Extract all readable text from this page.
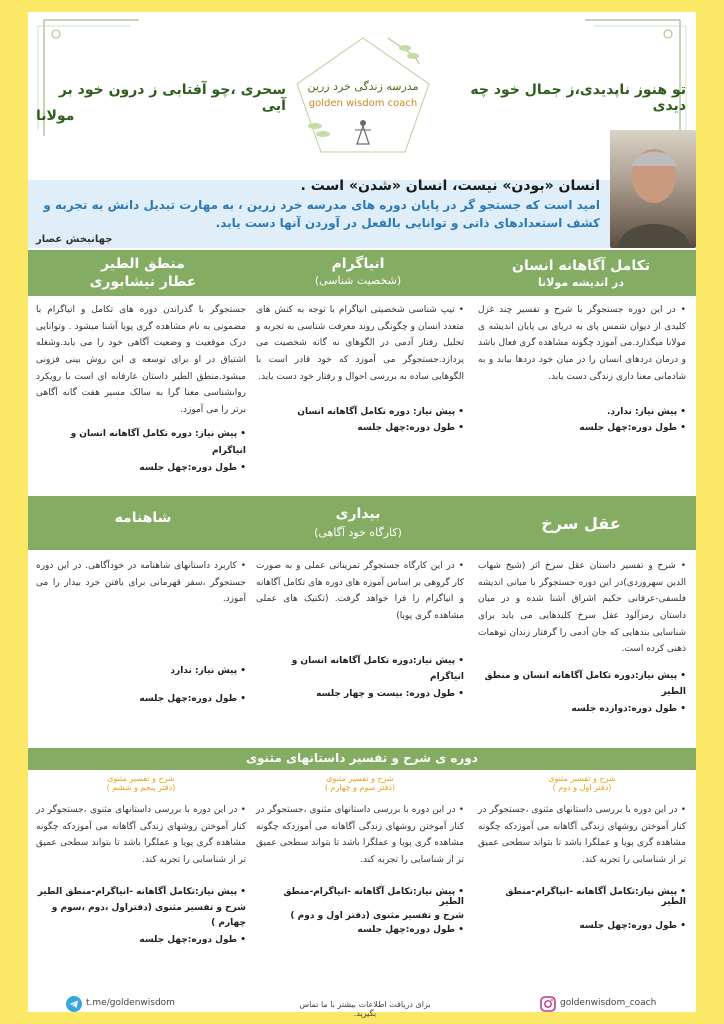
تو هنوز ناپدیدی،ز جمال خود چه دیدی
سحری ،چو آفتابی ز درون خود بر آیی
مولانا
مدرسه زندگی خرد زرین
golden wisdom coach
انسان «بودن» نیست، انسان «شدن» است .
امید است که جستجو گر در پایان دوره های مدرسه خرد زرین ، به مهارت تبدیل دانش به تجربه و
کشف استعدادهای ذاتی و توانایی بالفعل در آوردن آنها دست یابد.
جهانبخش عصار
تکامل آگاهانه انسان
در اندیشه مولانا
انیاگرام
(شخصیت شناسی)
منطق الطیر
عطار نیشابوری
• در این دوره جستجوگر با شرح و تفسیر چند غزل کلیدی از دیوان شمس پای به دریای بی پایان اندیشه ی مولانا میگذارد.می آموزد چگونه مشاهده گری فعال باشد و درمان دردهای انسان را در میان خود دردها بیابد و به شادمانی معنا داری زندگی دست یابد.
• پیش نیاز: ندارد.
• طول دوره:چهل جلسه
• تیپ شناسی شخصیتی انیاگرام با توجه به کنش های متعدد انسان و چگونگی روند معرفت شناسی به تجربه و تحلیل رفتار آدمی در الگوهای نه گانه شخصیت می پردازد.جستجوگر می آموزد که خود قادر است با الگوهایی ساده به بررسی احوال و رفتار خود دست یابد.
• پیش نیاز: دوره تکامل آگاهانه انسان
• طول دوره:چهل جلسه
جستجوگر با گذراندن دوره های تکامل و انیاگرام با مضمونی به نام مشاهده گری پویا آشنا میشود . وتوانایی درک موقعیت و وضعیت آگاهی خود را می یابد.وشغله اشتیاق در او برای توسعه ی این روش بینی فزونی میشود.منطق الطیر داستان عارفانه ای است با رویکرد روانشناسی معنا گرا به سالک مسیر هفت گانه آگاهی برتر را می آموزد.
• پیش نیاز: دوره تکامل آگاهانه انسان و انیاگرام
• طول دوره:چهل جلسه
عقل سرخ
بیداری
(کارگاه خود آگاهی)
شاهنامه
• شرح و تفسیر داستان عقل سرخ اثر (شیخ شهاب الدین سهروردی)در این دوره جستجوگر با مبانی اندیشه فلسفی-عرفانی حکیم اشراق آشنا شده و در میان داستان رمزآلود عقل سرخ کلیدهایی می یابد برای شناسایی بندهایی که جان آدمی را گرفتار زندان توهمات ذهنی کرده است.
• پیش نیاز:دوره تکامل آگاهانه انسان و منطق الطیر
• طول دوره:دوازده جلسه
• در این کارگاه جستجوگر تمریناتی عملی و به صورت کار گروهی بر اساس آموزه های دوره های تکامل آگاهانه و انیاگرام را فرا خواهد گرفت. (تکنیک های عملی مشاهده گری پویا)
• پیش نیاز:دوره تکامل آگاهانه انسان و انیاگرام
• طول دوره: بیست و چهار جلسه
• کاربرد داستانهای شاهنامه در خودآگاهی. در این دوره جستجوگر ،سفر قهرمانی برای یافتن خرد بیدار را می آموزد.
• پیش نیاز: ندارد
• طول دوره:چهل جلسه
دوره ی شرح و تفسیر داستانهای مثنوی
شرح و تفسیر مثنوی
(دفتر اول و دوم )
شرح و تفسیر مثنوی
(دفتر سوم و چهارم )
شرح و تفسیر مثنوی
(دفتر پنجم و ششم )
• در این دوره با بررسی داستانهای مثنوی ،جستجوگر در کنار آموختن روشهای زندگی آگاهانه می آموزدکه چگونه مشاهده گری پویا و عملگرا باشد تا بتواند سطحی عمیق تر از شناسایی را تجربه کند.
• پیش نیاز:تکامل آگاهانه -انیاگرام-منطق الطیر
• طول دوره:چهل جلسه
• در این دوره با بررسی داستانهای مثنوی ،جستجوگر در کنار آموختن روشهای زندگی آگاهانه می آموزدکه چگونه مشاهده گری پویا و عملگرا باشد تا بتواند سطحی عمیق تر از شناسایی را تجربه کند.
• پیش نیاز:تکامل آگاهانه -انیاگرام-منطق الطیر
شرح و تفسیر مثنوی (دفتر اول و دوم )
• طول دوره:چهل جلسه
• در این دوره با بررسی داستانهای مثنوی ،جستجوگر در کنار آموختن روشهای زندگی آگاهانه می آموزدکه چگونه مشاهده گری پویا و عملگرا باشد تا بتواند سطحی عمیق تر از شناسایی را تجربه کند.
• پیش نیاز:تکامل آگاهانه -انیاگرام-منطق الطیر
شرح و تفسیر مثنوی (دفتراول ،دوم ،سوم و چهارم )
• طول دوره:چهل جلسه
t.me/goldenwisdom	برای دریافت اطلاعات بیشتر با ما تماس بگیرید.
goldenwisdom_coach
